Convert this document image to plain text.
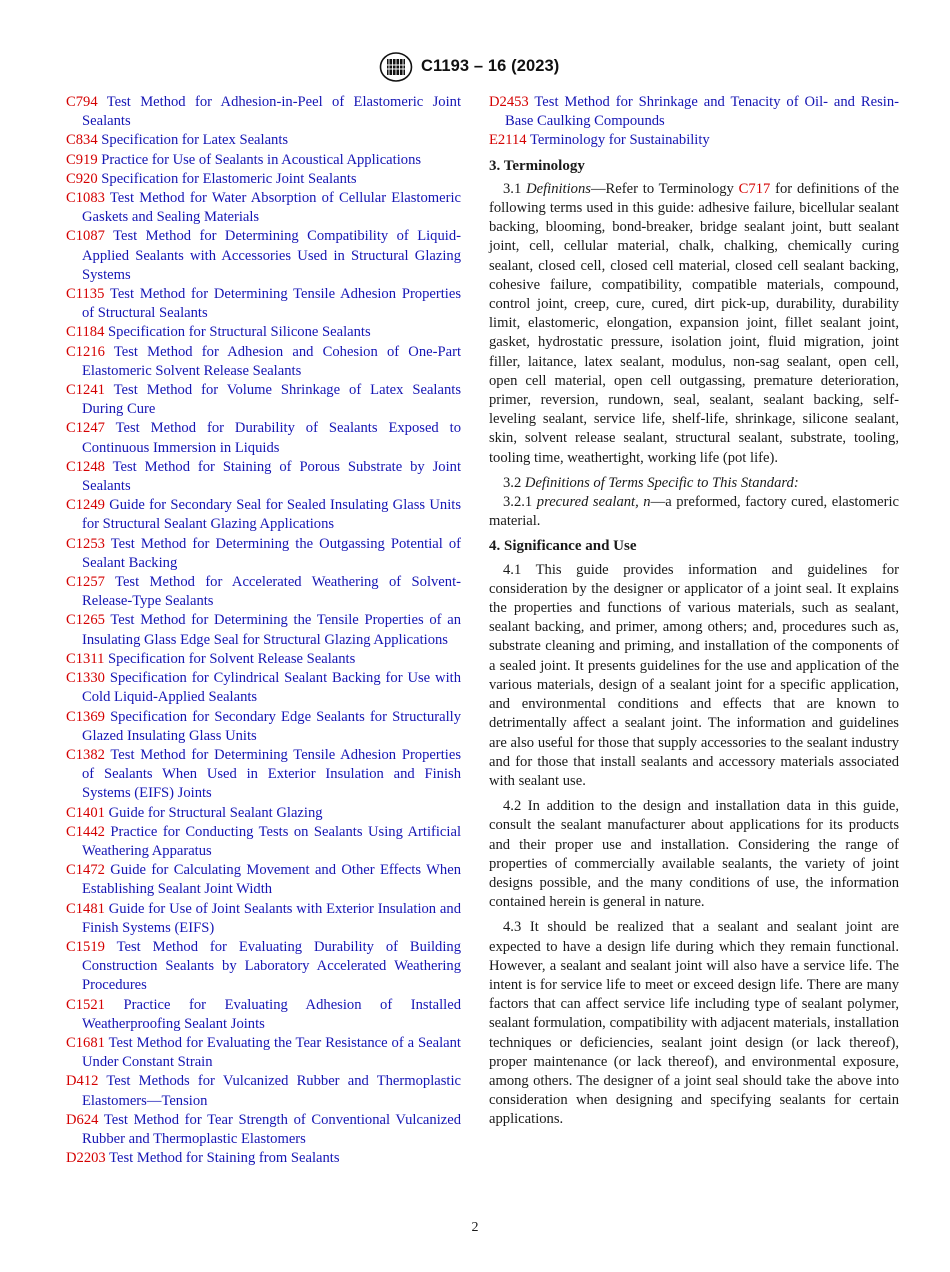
C1193 – 16 (2023)
C794 Test Method for Adhesion-in-Peel of Elastomeric Joint Sealants
C834 Specification for Latex Sealants
C919 Practice for Use of Sealants in Acoustical Applications
C920 Specification for Elastomeric Joint Sealants
C1083 Test Method for Water Absorption of Cellular Elastomeric Gaskets and Sealing Materials
C1087 Test Method for Determining Compatibility of Liquid-Applied Sealants with Accessories Used in Structural Glazing Systems
C1135 Test Method for Determining Tensile Adhesion Properties of Structural Sealants
C1184 Specification for Structural Silicone Sealants
C1216 Test Method for Adhesion and Cohesion of One-Part Elastomeric Solvent Release Sealants
C1241 Test Method for Volume Shrinkage of Latex Sealants During Cure
C1247 Test Method for Durability of Sealants Exposed to Continuous Immersion in Liquids
C1248 Test Method for Staining of Porous Substrate by Joint Sealants
C1249 Guide for Secondary Seal for Sealed Insulating Glass Units for Structural Sealant Glazing Applications
C1253 Test Method for Determining the Outgassing Potential of Sealant Backing
C1257 Test Method for Accelerated Weathering of Solvent-Release-Type Sealants
C1265 Test Method for Determining the Tensile Properties of an Insulating Glass Edge Seal for Structural Glazing Applications
C1311 Specification for Solvent Release Sealants
C1330 Specification for Cylindrical Sealant Backing for Use with Cold Liquid-Applied Sealants
C1369 Specification for Secondary Edge Sealants for Structurally Glazed Insulating Glass Units
C1382 Test Method for Determining Tensile Adhesion Properties of Sealants When Used in Exterior Insulation and Finish Systems (EIFS) Joints
C1401 Guide for Structural Sealant Glazing
C1442 Practice for Conducting Tests on Sealants Using Artificial Weathering Apparatus
C1472 Guide for Calculating Movement and Other Effects When Establishing Sealant Joint Width
C1481 Guide for Use of Joint Sealants with Exterior Insulation and Finish Systems (EIFS)
C1519 Test Method for Evaluating Durability of Building Construction Sealants by Laboratory Accelerated Weathering Procedures
C1521 Practice for Evaluating Adhesion of Installed Weatherproofing Sealant Joints
C1681 Test Method for Evaluating the Tear Resistance of a Sealant Under Constant Strain
D412 Test Methods for Vulcanized Rubber and Thermoplastic Elastomers—Tension
D624 Test Method for Tear Strength of Conventional Vulcanized Rubber and Thermoplastic Elastomers
D2203 Test Method for Staining from Sealants
D2453 Test Method for Shrinkage and Tenacity of Oil- and Resin-Base Caulking Compounds
E2114 Terminology for Sustainability
3. Terminology

3.1 Definitions—Refer to Terminology C717 for definitions of the following terms used in this guide: adhesive failure, bicellular sealant backing, blooming, bond-breaker, bridge sealant joint, butt sealant joint, cell, cellular material, chalk, chalking, chemically curing sealant, closed cell, closed cell material, closed cell sealant backing, cohesive failure, compatibility, compatible materials, compound, control joint, creep, cure, cured, dirt pick-up, durability, durability limit, elastomeric, elongation, expansion joint, fillet sealant joint, gasket, hydrostatic pressure, isolation joint, fluid migration, joint filler, laitance, latex sealant, modulus, non-sag sealant, open cell, open cell material, open cell outgassing, premature deterioration, primer, reversion, rundown, seal, sealant, sealant backing, self-leveling sealant, service life, shelf-life, shrinkage, silicone sealant, skin, solvent release sealant, structural sealant, substrate, tooling, tooling time, weathertight, working life (pot life).

3.2 Definitions of Terms Specific to This Standard:

3.2.1 precured sealant, n—a preformed, factory cured, elastomeric material.

4. Significance and Use

4.1 This guide provides information and guidelines for consideration by the designer or applicator of a joint seal. It explains the properties and functions of various materials, such as sealant, sealant backing, and primer, among others; and, procedures such as, substrate cleaning and priming, and installation of the components of a sealed joint. It presents guidelines for the use and application of the various materials, design of a sealant joint for a specific application, and environmental conditions and effects that are known to detrimentally affect a sealant joint. The information and guidelines are also useful for those that supply accessories to the sealant industry and for those that install sealants and accessory materials associated with sealant use.

4.2 In addition to the design and installation data in this guide, consult the sealant manufacturer about applications for its products and their proper use and installation. Considering the range of properties of commercially available sealants, the variety of joint designs possible, and the many conditions of use, the information contained herein is general in nature.

4.3 It should be realized that a sealant and sealant joint are expected to have a design life during which they remain functional. However, a sealant and sealant joint will also have a service life. The intent is for service life to meet or exceed design life. There are many factors that can affect service life including type of sealant polymer, sealant formulation, compatibility with adjacent materials, installation techniques or deficiencies, sealant joint design (or lack thereof), proper maintenance (or lack thereof), and environmental exposure, among others. The designer of a joint seal should take the above into consideration when designing and specifying sealants for certain applications.

2
